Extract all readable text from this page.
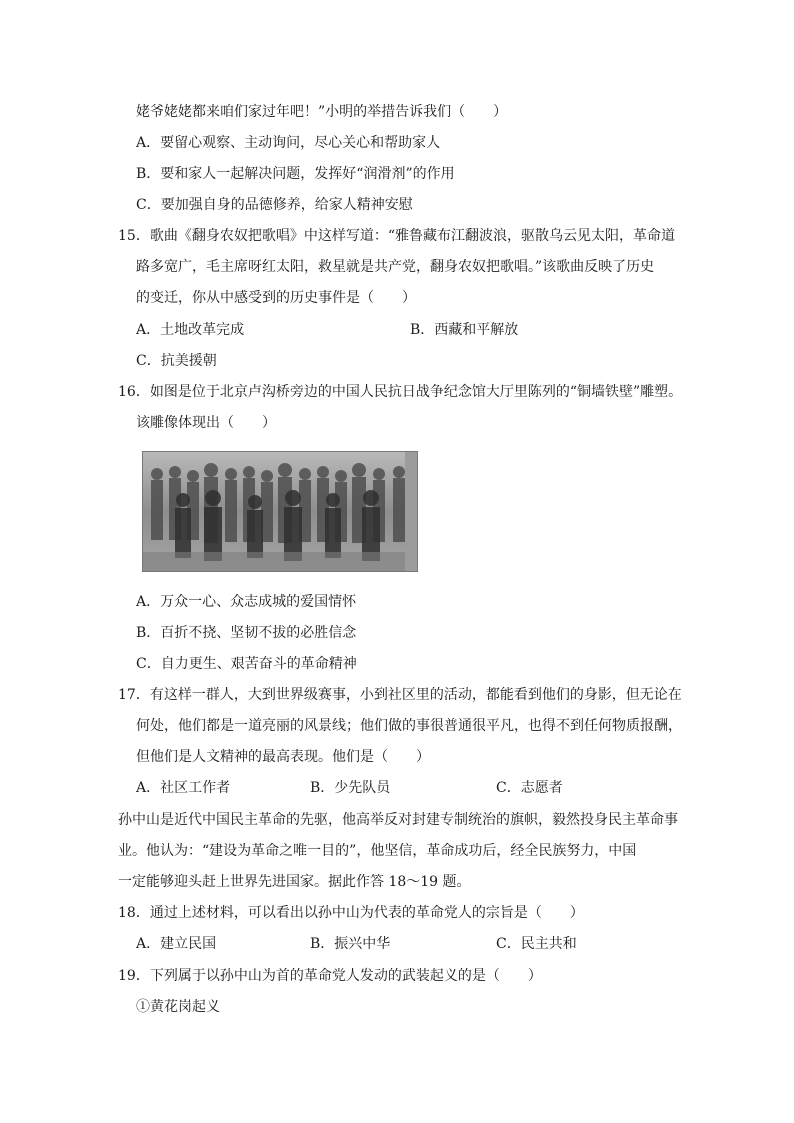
姥爷姥姥都来咱们家过年吧！”小明的举措告诉我们（　　）
A．要留心观察、主动询问，尽心关心和帮助家人
B．要和家人一起解决问题，发挥好“润滑剂”的作用
C．要加强自身的品德修养，给家人精神安慰
15．歌曲《翻身农奴把歌唱》中这样写道：“雅鲁藏布江翻波浪，驱散乌云见太阳，革命道
路多宽广，毛主席呀红太阳，救星就是共产党，翻身农奴把歌唱。”该歌曲反映了历史
的变迁，你从中感受到的历史事件是（　　）
A．土地改革完成	B．西藏和平解放
C．抗美援朝
16．如图是位于北京卢沟桥旁边的中国人民抗日战争纪念馆大厅里陈列的“铜墙铁壁”雕塑。
该雕像体现出（　　）
A．万众一心、众志成城的爱国情怀
B．百折不挠、坚韧不拔的必胜信念
C．自力更生、艰苦奋斗的革命精神
17．有这样一群人，大到世界级赛事，小到社区里的活动，都能看到他们的身影，但无论在
何处，他们都是一道亮丽的风景线；他们做的事很普通很平凡，也得不到任何物质报酬，
但他们是人文精神的最高表现。他们是（　　）
A．社区工作者	B．少先队员	C．志愿者
孙中山是近代中国民主革命的先驱，他高举反对封建专制统治的旗帜，毅然投身民主革命事
业。他认为：“建设为革命之唯一目的”，他坚信，革命成功后，经全民族努力，中国
一定能够迎头赶上世界先进国家。据此作答 18～19 题。
18．通过上述材料，可以看出以孙中山为代表的革命党人的宗旨是（　　）
A．建立民国	B．振兴中华	C．民主共和
19．下列属于以孙中山为首的革命党人发动的武装起义的是（　　）
①黄花岗起义
